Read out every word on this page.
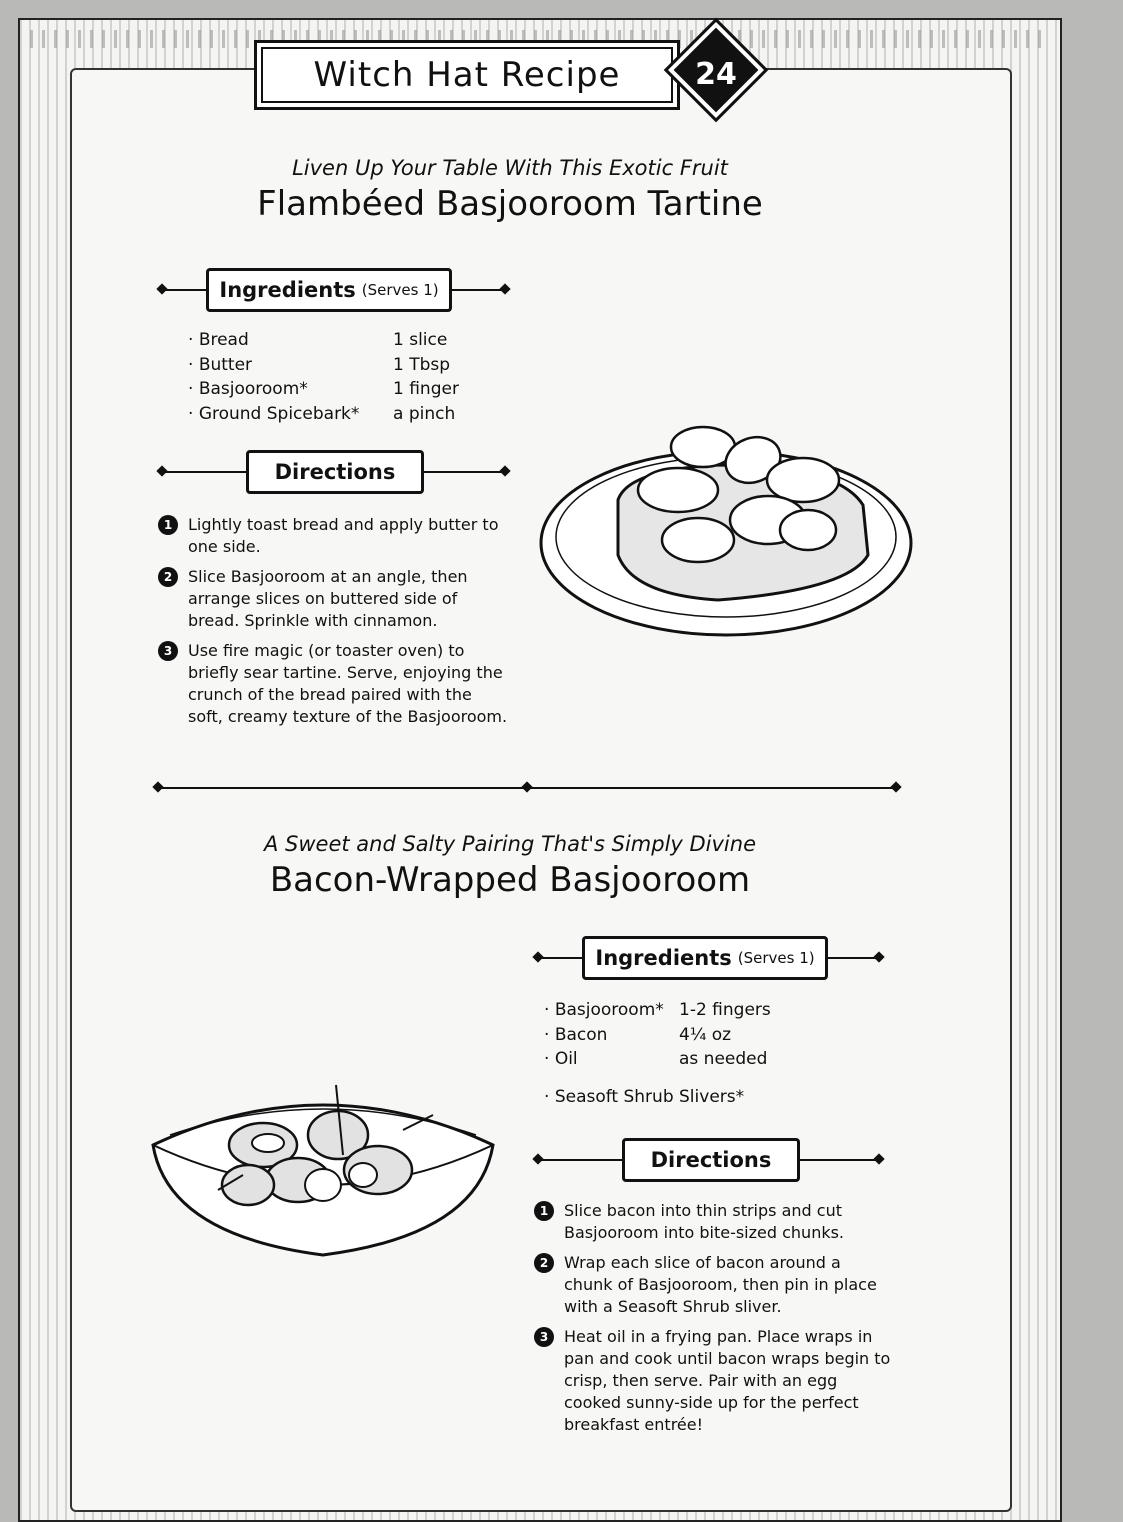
Witch Hat Recipe	24
Liven Up Your Table With This Exotic Fruit
Flambéed Basjooroom Tartine
Ingredients (Serves 1)
· Bread	1 slice
· Butter	1 Tbsp
· Basjooroom*	1 finger
· Ground Spicebark*	a pinch
Directions
1 Lightly toast bread and apply butter to one side.
2 Slice Basjooroom at an angle, then arrange slices on buttered side of bread. Sprinkle with cinnamon.
3 Use fire magic (or toaster oven) to briefly sear tartine. Serve, enjoying the crunch of the bread paired with the soft, creamy texture of the Basjooroom.
A Sweet and Salty Pairing That's Simply Divine
Bacon-Wrapped Basjooroom
Ingredients (Serves 1)
· Basjooroom* 1-2 fingers
· Bacon	4¼ oz
· Oil	as needed
· Seasoft Shrub Slivers*
Directions
1 Slice bacon into thin strips and cut Basjooroom into bite-sized chunks.
2 Wrap each slice of bacon around a chunk of Basjooroom, then pin in place with a Seasoft Shrub sliver.
3 Heat oil in a frying pan. Place wraps in pan and cook until bacon wraps begin to crisp, then serve. Pair with an egg cooked sunny-side up for the perfect breakfast entrée!
